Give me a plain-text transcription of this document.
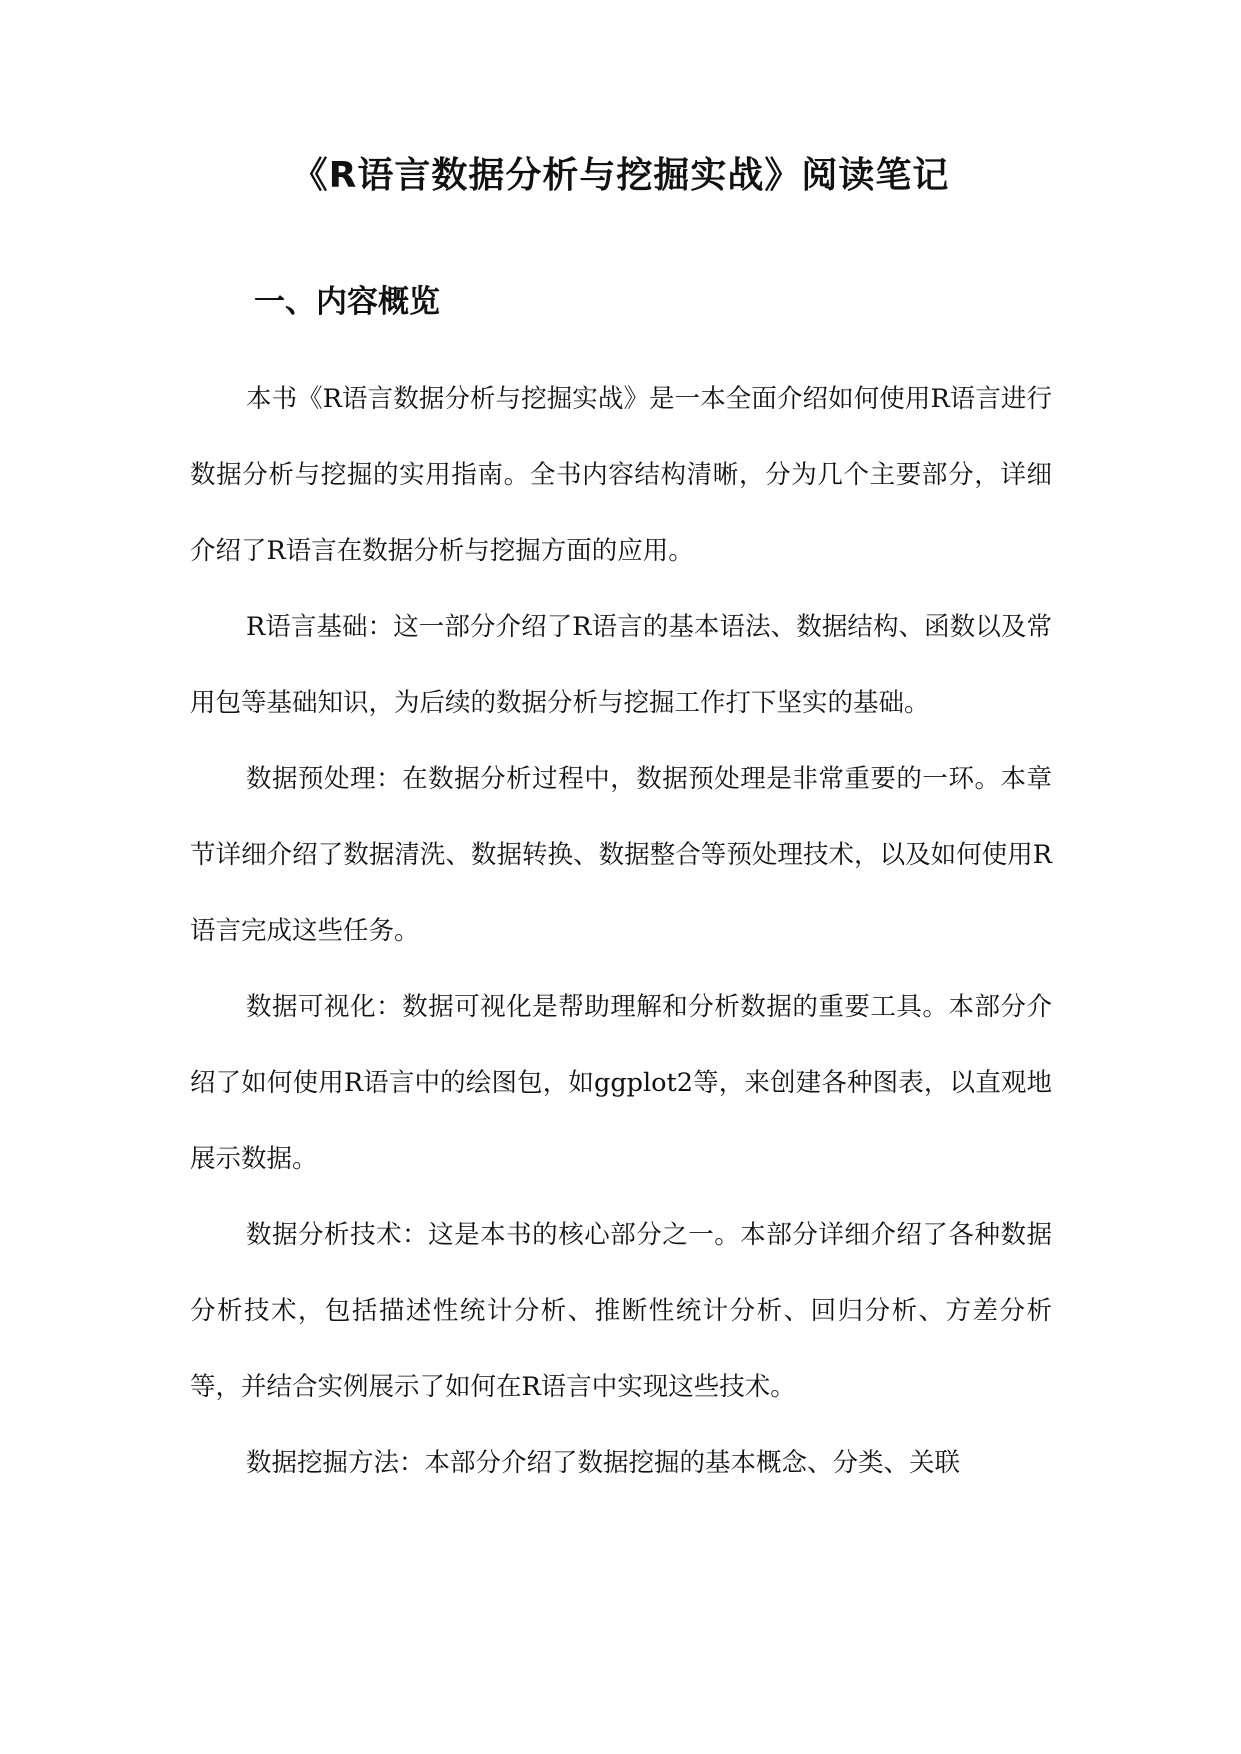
《R语言数据分析与挖掘实战》阅读笔记
一、内容概览

本书《R语言数据分析与挖掘实战》是一本全面介绍如何使用R语言进行数据分析与挖掘的实用指南。全书内容结构清晰，分为几个主要部分，详细介绍了R语言在数据分析与挖掘方面的应用。

R语言基础：这一部分介绍了R语言的基本语法、数据结构、函数以及常用包等基础知识，为后续的数据分析与挖掘工作打下坚实的基础。

数据预处理：在数据分析过程中，数据预处理是非常重要的一环。本章节详细介绍了数据清洗、数据转换、数据整合等预处理技术，以及如何使用R语言完成这些任务。

数据可视化：数据可视化是帮助理解和分析数据的重要工具。本部分介绍了如何使用R语言中的绘图包，如ggplot2等，来创建各种图表，以直观地展示数据。

数据分析技术：这是本书的核心部分之一。本部分详细介绍了各种数据分析技术，包括描述性统计分析、推断性统计分析、回归分析、方差分析等，并结合实例展示了如何在R语言中实现这些技术。

数据挖掘方法：本部分介绍了数据挖掘的基本概念、分类、关联
